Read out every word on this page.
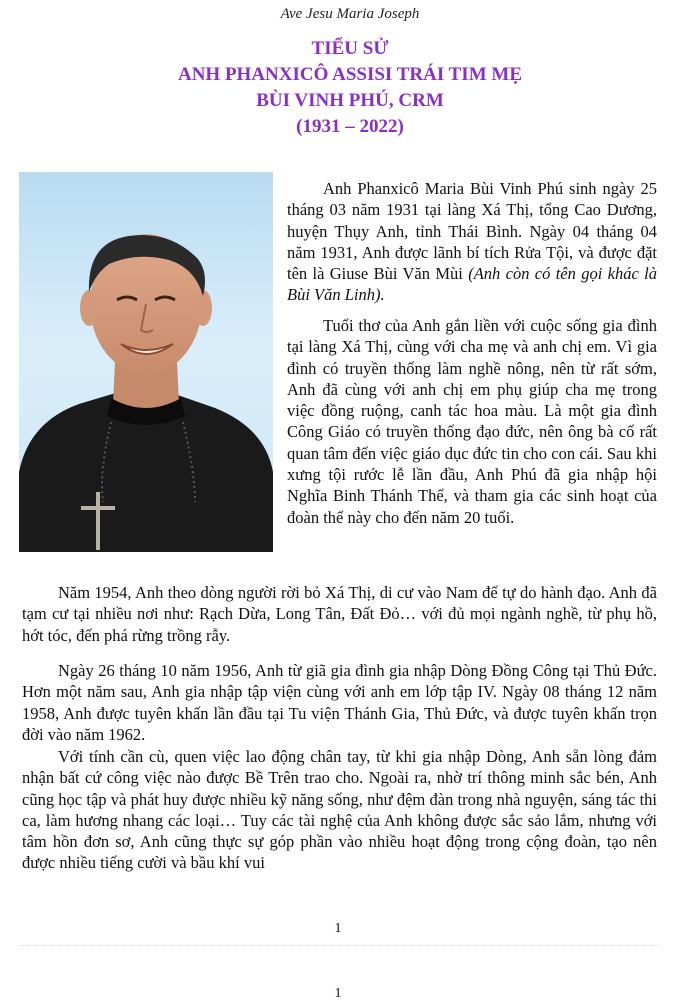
Ave Jesu Maria Joseph
TIỂU SỬ
ANH PHANXICÔ ASSISI TRÁI TIM MẸ
BÙI VINH PHÚ, CRM
(1931 – 2022)

Anh Phanxicô Maria Bùi Vinh Phú sinh ngày 25 tháng 03 năm 1931 tại làng Xá Thị, tổng Cao Dương, huyện Thụy Anh, tỉnh Thái Bình. Ngày 04 tháng 04 năm 1931, Anh được lãnh bí tích Rửa Tội, và được đặt tên là Giuse Bùi Văn Mùi (Anh còn có tên gọi khác là Bùi Văn Linh).

Tuổi thơ của Anh gắn liền với cuộc sống gia đình tại làng Xá Thị, cùng với cha mẹ và anh chị em. Vì gia đình có truyền thống làm nghề nông, nên từ rất sớm, Anh đã cùng với anh chị em phụ giúp cha mẹ trong việc đồng ruộng, canh tác hoa màu. Là một gia đình Công Giáo có truyền thống đạo đức, nên ông bà cố rất quan tâm đến việc giáo dục đức tin cho con cái. Sau khi xưng tội rước lễ lần đầu, Anh Phú đã gia nhập hội Nghĩa Binh Thánh Thể, và tham gia các sinh hoạt của đoàn thể này cho đến năm 20 tuổi.

Năm 1954, Anh theo dòng người rời bỏ Xá Thị, di cư vào Nam để tự do hành đạo. Anh đã tạm cư tại nhiều nơi như: Rạch Dừa, Long Tân, Đất Đỏ… với đủ mọi ngành nghề, từ phụ hồ, hớt tóc, đến phá rừng trồng rẫy.

Ngày 26 tháng 10 năm 1956, Anh từ giã gia đình gia nhập Dòng Đồng Công tại Thủ Đức. Hơn một năm sau, Anh gia nhập tập viện cùng với anh em lớp tập IV. Ngày 08 tháng 12 năm 1958, Anh được tuyên khấn lần đầu tại Tu viện Thánh Gia, Thủ Đức, và được tuyên khấn trọn đời vào năm 1962.

Với tính cần cù, quen việc lao động chân tay, từ khi gia nhập Dòng, Anh sẵn lòng đảm nhận bất cứ công việc nào được Bề Trên trao cho. Ngoài ra, nhờ trí thông minh sắc bén, Anh cũng học tập và phát huy được nhiều kỹ năng sống, như đệm đàn trong nhà nguyện, sáng tác thi ca, làm hương nhang các loại… Tuy các tài nghệ của Anh không được sắc sảo lắm, nhưng với tâm hồn đơn sơ, Anh cũng thực sự góp phần vào nhiều hoạt động trong cộng đoàn, tạo nên được nhiều tiếng cười và bầu khí vui

1
1
